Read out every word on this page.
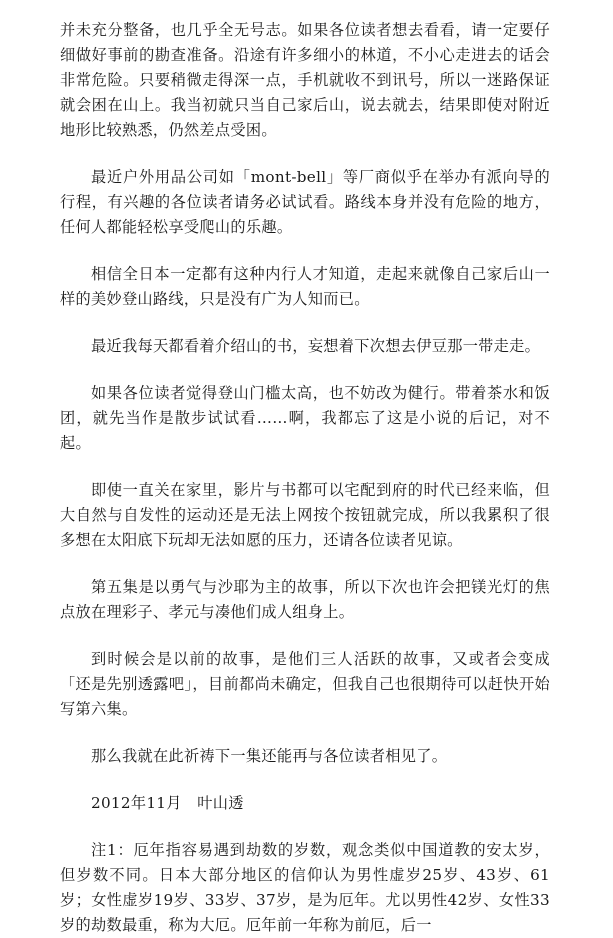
并未充分整备，也几乎全无号志。如果各位读者想去看看，请一定要仔细做好事前的勘查准备。沿途有许多细小的林道，不小心走进去的话会非常危险。只要稍微走得深一点，手机就收不到讯号，所以一迷路保证就会困在山上。我当初就只当自己家后山，说去就去，结果即使对附近地形比较熟悉，仍然差点受困。

最近户外用品公司如「mont-bell」等厂商似乎在举办有派向导的行程，有兴趣的各位读者请务必试试看。路线本身并没有危险的地方，任何人都能轻松享受爬山的乐趣。

相信全日本一定都有这种内行人才知道，走起来就像自己家后山一样的美妙登山路线，只是没有广为人知而已。

最近我每天都看着介绍山的书，妄想着下次想去伊豆那一带走走。

如果各位读者觉得登山门槛太高，也不妨改为健行。带着茶水和饭团，就先当作是散步试试看……啊，我都忘了这是小说的后记，对不起。

即使一直关在家里，影片与书都可以宅配到府的时代已经来临，但大自然与自发性的运动还是无法上网按个按钮就完成，所以我累积了很多想在太阳底下玩却无法如愿的压力，还请各位读者见谅。

第五集是以勇气与沙耶为主的故事，所以下次也许会把镁光灯的焦点放在理彩子、孝元与凑他们成人组身上。

到时候会是以前的故事，是他们三人活跃的故事，又或者会变成「还是先别透露吧」，目前都尚未确定，但我自己也很期待可以赶快开始写第六集。

那么我就在此祈祷下一集还能再与各位读者相见了。

2012年11月　叶山透

注1：厄年指容易遇到劫数的岁数，观念类似中国道教的安太岁，但岁数不同。日本大部分地区的信仰认为男性虚岁25岁、43岁、61岁；女性虚岁19岁、33岁、37岁，是为厄年。尤以男性42岁、女性33岁的劫数最重，称为大厄。厄年前一年称为前厄，后一
